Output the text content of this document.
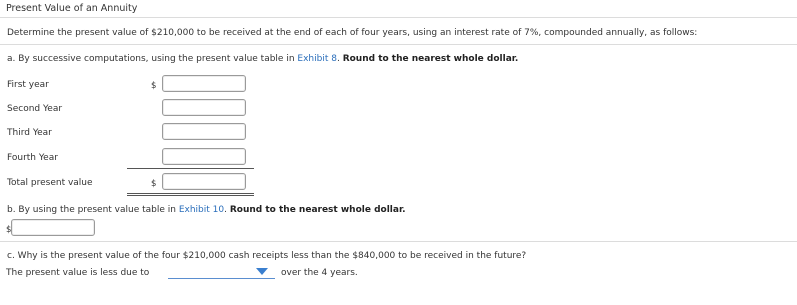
Present Value of an Annuity
Determine the present value of $210,000 to be received at the end of each of four years, using an interest rate of 7%, compounded annually, as follows:
a. By successive computations, using the present value table in Exhibit 8. Round to the nearest whole dollar.
First year	$
Second Year
Third Year
Fourth Year
Total present value	$
b. By using the present value table in Exhibit 10. Round to the nearest whole dollar.
$
c. Why is the present value of the four $210,000 cash receipts less than the $840,000 to be received in the future?
The present value is less due to	over the 4 years.
